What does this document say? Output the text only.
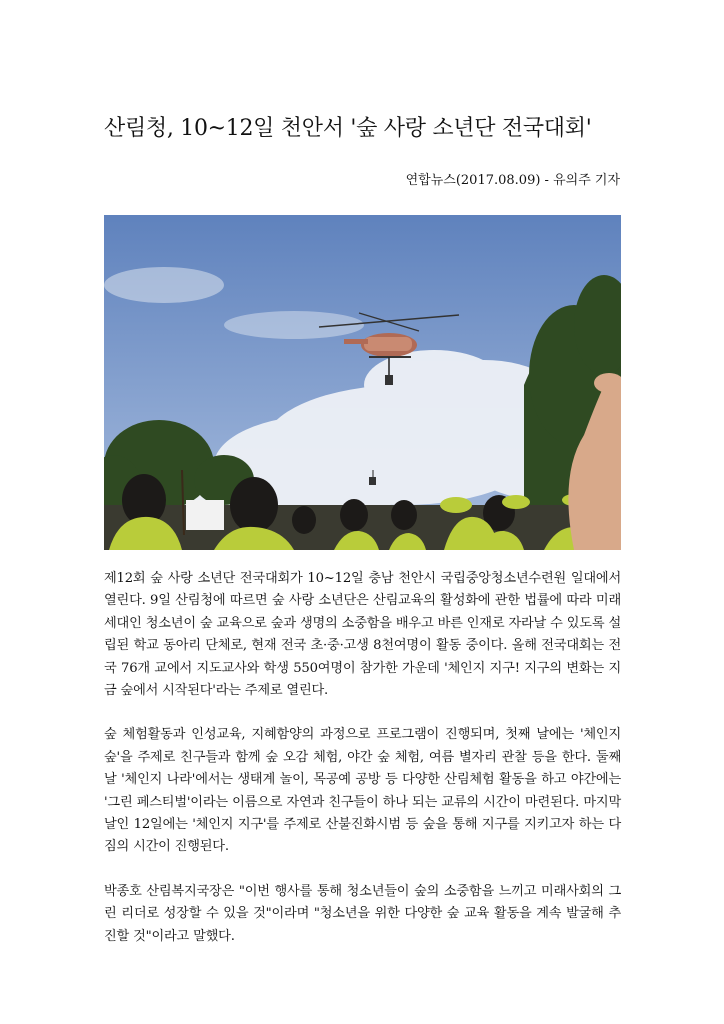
산림청, 10~12일 천안서 '숲 사랑 소년단 전국대회'
연합뉴스(2017.08.09) - 유의주 기자

제12회 숲 사랑 소년단 전국대회가 10~12일 충남 천안시 국립중앙청소년수련원 일대에서 열린다. 9일 산림청에 따르면 숲 사랑 소년단은 산림교육의 활성화에 관한 법률에 따라 미래세대인 청소년이 숲 교육으로 숲과 생명의 소중함을 배우고 바른 인재로 자라날 수 있도록 설립된 학교 동아리 단체로, 현재 전국 초·중·고생 8천여명이 활동 중이다. 올해 전국대회는 전국 76개 교에서 지도교사와 학생 550여명이 참가한 가운데 '체인지 지구! 지구의 변화는 지금 숲에서 시작된다'라는 주제로 열린다.

숲 체험활동과 인성교육, 지혜함양의 과정으로 프로그램이 진행되며, 첫째 날에는 '체인지 숲'을 주제로 친구들과 함께 숲 오감 체험, 야간 숲 체험, 여름 별자리 관찰 등을 한다. 둘째 날 '체인지 나라'에서는 생태계 놀이, 목공예 공방 등 다양한 산림체험 활동을 하고 야간에는 '그린 페스티벌'이라는 이름으로 자연과 친구들이 하나 되는 교류의 시간이 마련된다. 마지막 날인 12일에는 '체인지 지구'를 주제로 산불진화시범 등 숲을 통해 지구를 지키고자 하는 다짐의 시간이 진행된다.

박종호 산림복지국장은 "이번 행사를 통해 청소년들이 숲의 소중함을 느끼고 미래사회의 그린 리더로 성장할 수 있을 것"이라며 "청소년을 위한 다양한 숲 교육 활동을 계속 발굴해 추진할 것"이라고 말했다.
